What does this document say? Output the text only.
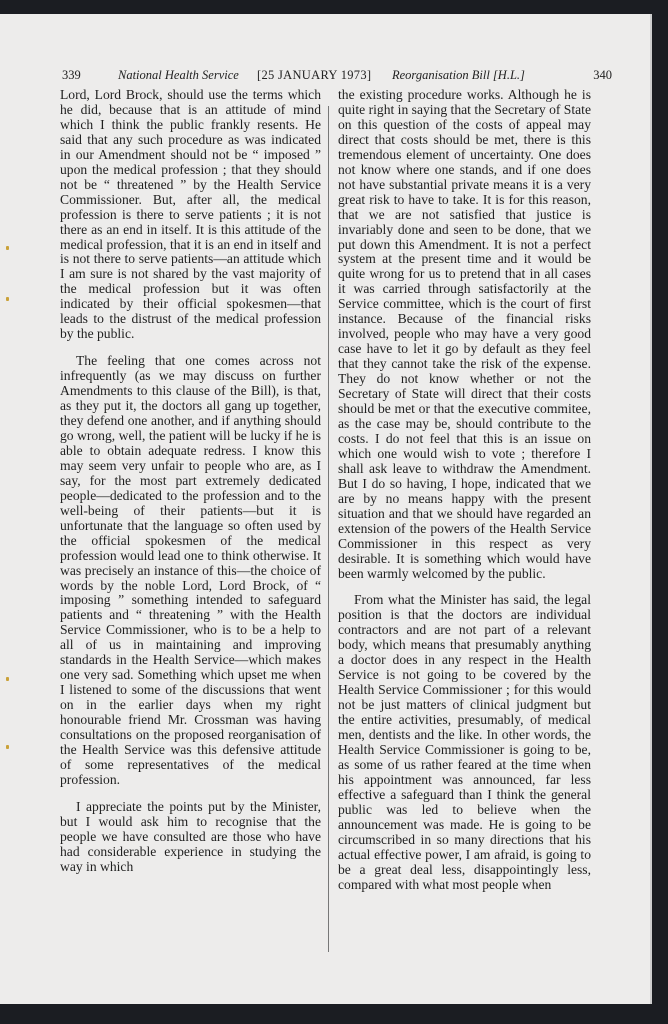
339	National Health Service [25 JANUARY 1973] Reorganisation Bill [H.L.]	340

Lord, Lord Brock, should use the terms which he did, because that is an attitude of mind which I think the public frankly resents. He said that any such procedure as was indicated in our Amendment should not be “ imposed ” upon the medical profession ; that they should not be “ threatened ” by the Health Service Commissioner. But, after all, the medical profession is there to serve patients ; it is not there as an end in itself. It is this attitude of the medical profession, that it is an end in itself and is not there to serve patients—an attitude which I am sure is not shared by the vast majority of the medical profession but it was often indicated by their official spokesmen—that leads to the distrust of the medical profession by the public.

The feeling that one comes across not infrequently (as we may discuss on further Amendments to this clause of the Bill), is that, as they put it, the doctors all gang up together, they defend one another, and if anything should go wrong, well, the patient will be lucky if he is able to obtain adequate redress. I know this may seem very unfair to people who are, as I say, for the most part extremely dedicated people—dedicated to the profession and to the well-being of their patients—but it is unfortunate that the language so often used by the official spokesmen of the medical profession would lead one to think otherwise. It was precisely an instance of this—the choice of words by the noble Lord, Lord Brock, of “ imposing ” something intended to safeguard patients and “ threatening ” with the Health Service Commissioner, who is to be a help to all of us in maintaining and improving standards in the Health Service—which makes one very sad. Something which upset me when I listened to some of the discussions that went on in the earlier days when my right honourable friend Mr. Crossman was having consultations on the proposed reorganisation of the Health Service was this defensive attitude of some representatives of the medical profession.

I appreciate the points put by the Minister, but I would ask him to recognise that the people we have consulted are those who have had considerable experience in studying the way in which

the existing procedure works. Although he is quite right in saying that the Secretary of State on this question of the costs of appeal may direct that costs should be met, there is this tremendous element of uncertainty. One does not know where one stands, and if one does not have substantial private means it is a very great risk to have to take. It is for this reason, that we are not satisfied that justice is invariably done and seen to be done, that we put down this Amendment. It is not a perfect system at the present time and it would be quite wrong for us to pretend that in all cases it was carried through satisfactorily at the Service committee, which is the court of first instance. Because of the financial risks involved, people who may have a very good case have to let it go by default as they feel that they cannot take the risk of the expense. They do not know whether or not the Secretary of State will direct that their costs should be met or that the executive commitee, as the case may be, should contribute to the costs. I do not feel that this is an issue on which one would wish to vote ; therefore I shall ask leave to withdraw the Amendment. But I do so having, I hope, indicated that we are by no means happy with the present situation and that we should have regarded an extension of the powers of the Health Service Commissioner in this respect as very desirable. It is something which would have been warmly welcomed by the public.

From what the Minister has said, the legal position is that the doctors are individual contractors and are not part of a relevant body, which means that presumably anything a doctor does in any respect in the Health Service is not going to be covered by the Health Service Commissioner ; for this would not be just matters of clinical judgment but the entire activities, presumably, of medical men, dentists and the like. In other words, the Health Service Commissioner is going to be, as some of us rather feared at the time when his appointment was announced, far less effective a safeguard than I think the general public was led to believe when the announcement was made. He is going to be circumscribed in so many directions that his actual effective power, I am afraid, is going to be a great deal less, disappointingly less, compared with what most people when
